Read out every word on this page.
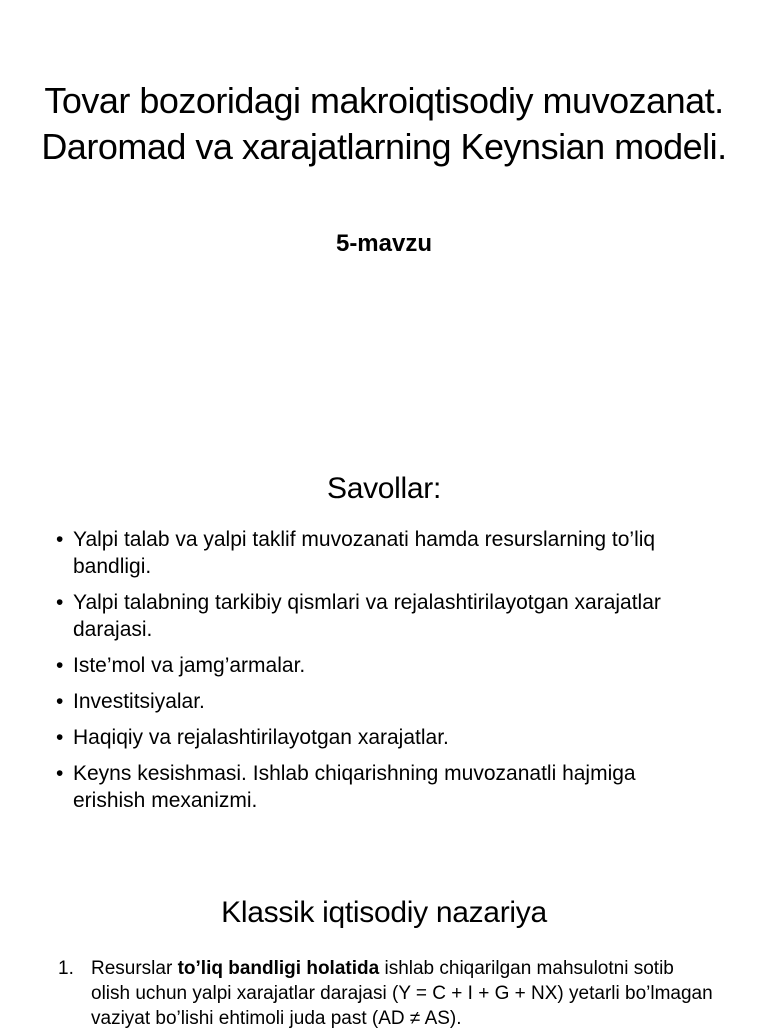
Tovar bozoridagi makroiqtisodiy muvozanat. Daromad va xarajatlarning Keynsian modeli.
5-mavzu
Savollar:
• Yalpi talab va yalpi taklif muvozanati hamda resurslarning to’liq bandligi.
• Yalpi talabning tarkibiy qismlari va rejalashtirilayotgan xarajatlar darajasi.
• Iste’mol va jamg’armalar.
• Investitsiyalar.
• Haqiqiy va rejalashtirilayotgan xarajatlar.
• Keyns kesishmasi. Ishlab chiqarishning muvozanatli hajmiga erishish mexanizmi.
Klassik iqtisodiy nazariya
1. Resurslar to’liq bandligi holatida ishlab chiqarilgan mahsulotni sotib olish uchun yalpi xarajatlar darajasi (Y = C + I + G + NX) yetarli bo’lmagan vaziyat bo’lishi ehtimoli juda past (AD ≠ AS).
